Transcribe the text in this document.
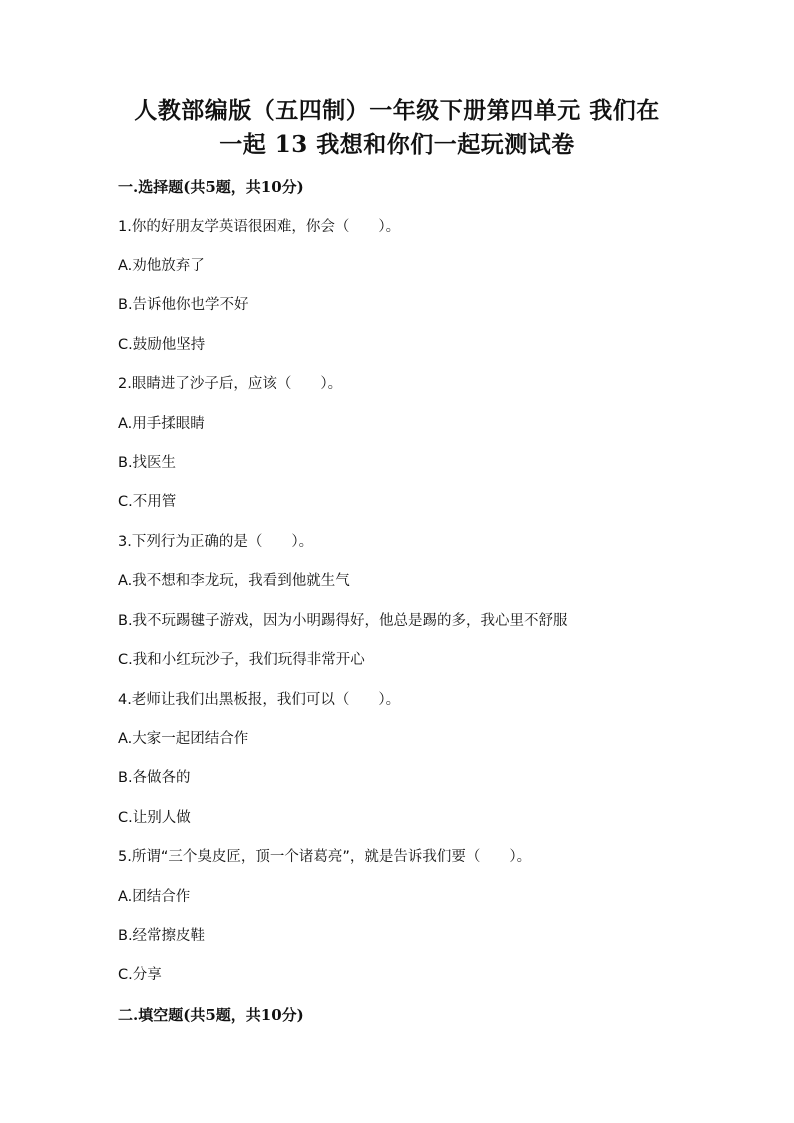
人教部编版（五四制）一年级下册第四单元 我们在
一起 13 我想和你们一起玩测试卷
一.选择题(共5题，共10分)
1.你的好朋友学英语很困难，你会（　　）。
A.劝他放弃了
B.告诉他你也学不好
C.鼓励他坚持
2.眼睛进了沙子后，应该（　　）。
A.用手揉眼睛
B.找医生
C.不用管
3.下列行为正确的是（　　）。
A.我不想和李龙玩，我看到他就生气
B.我不玩踢毽子游戏，因为小明踢得好，他总是踢的多，我心里不舒服
C.我和小红玩沙子，我们玩得非常开心
4.老师让我们出黑板报，我们可以（　　）。
A.大家一起团结合作
B.各做各的
C.让别人做
5.所谓“三个臭皮匠，顶一个诸葛亮”，就是告诉我们要（　　）。
A.团结合作
B.经常擦皮鞋
C.分享
二.填空题(共5题，共10分)
